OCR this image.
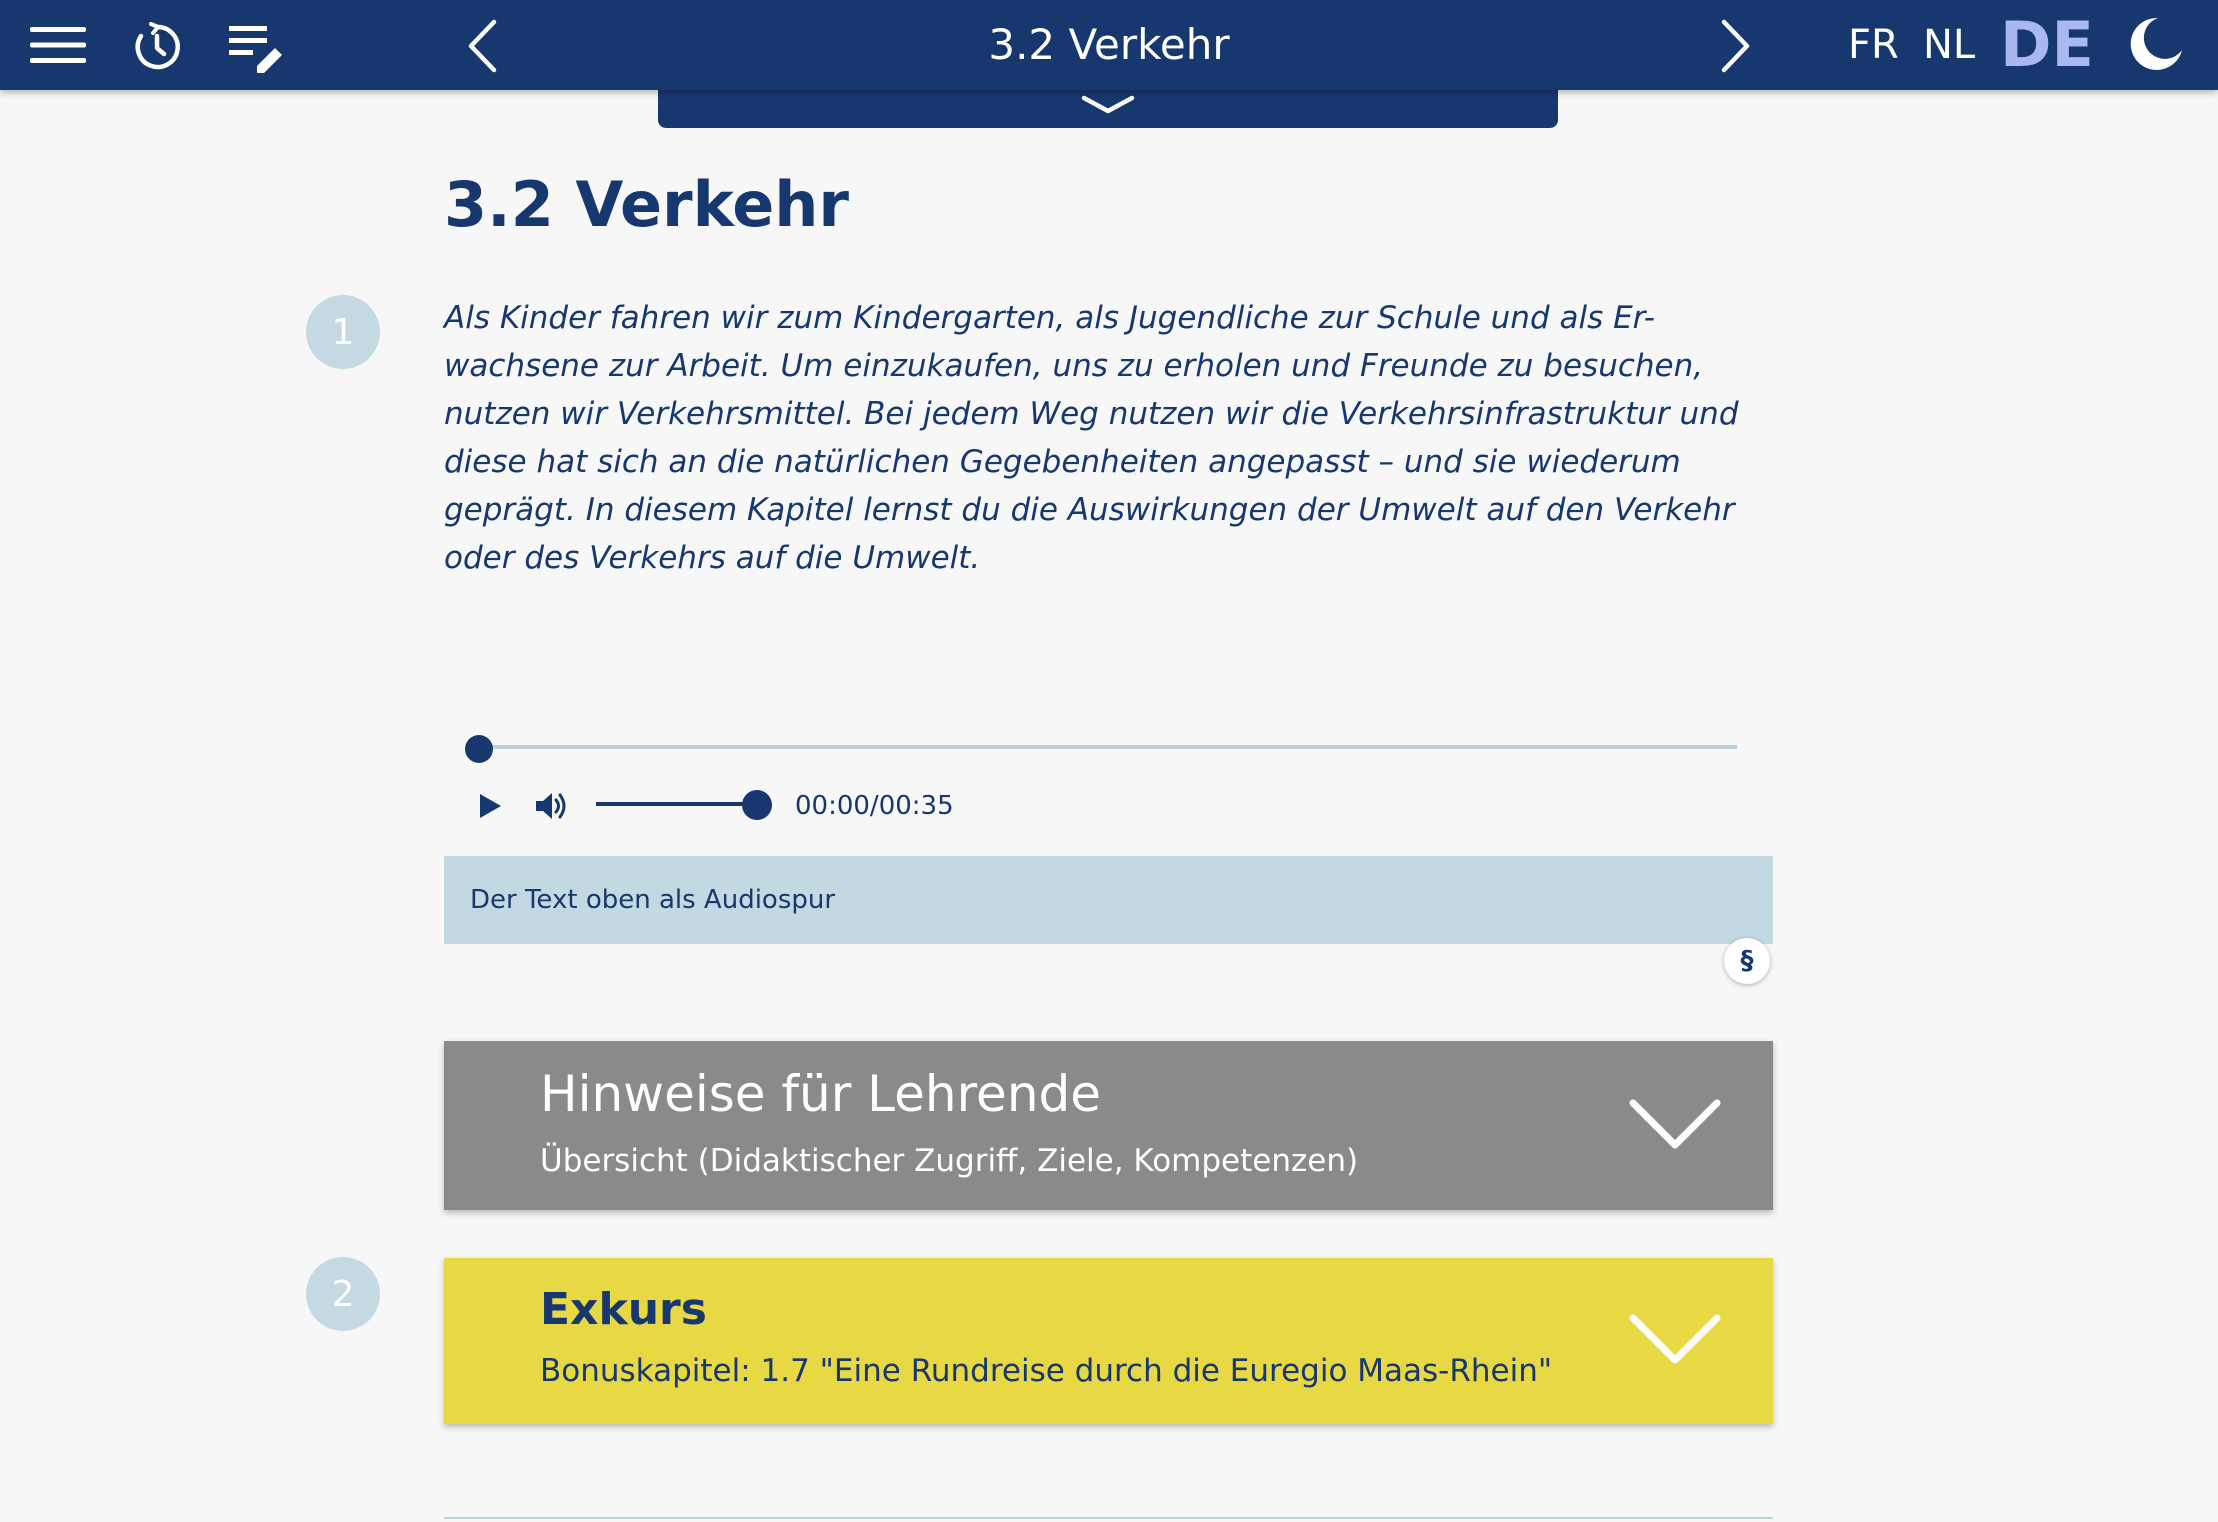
3.2 Verkehr	FR NL DE
3.2 Verkehr
1	Als Kinder fahren wir zum Kindergarten, als Jugendliche zur Schule und als Er-wachsene zur Arbeit. Um einzukaufen, uns zu erholen und Freunde zu besuchen, nutzen wir Verkehrsmittel. Bei jedem Weg nutzen wir die Verkehrsinfrastruktur und diese hat sich an die natürlichen Gegebenheiten angepasst – und sie wiederum geprägt. In diesem Kapitel lernst du die Auswirkungen der Umwelt auf den Verkehr oder des Verkehrs auf die Umwelt.

00:00/00:35
Der Text oben als Audiospur
§
Hinweise für Lehrende
Übersicht (Didaktischer Zugriff, Ziele, Kompetenzen)
2	Exkurs
Bonuskapitel: 1.7 "Eine Rundreise durch die Euregio Maas-Rhein"
